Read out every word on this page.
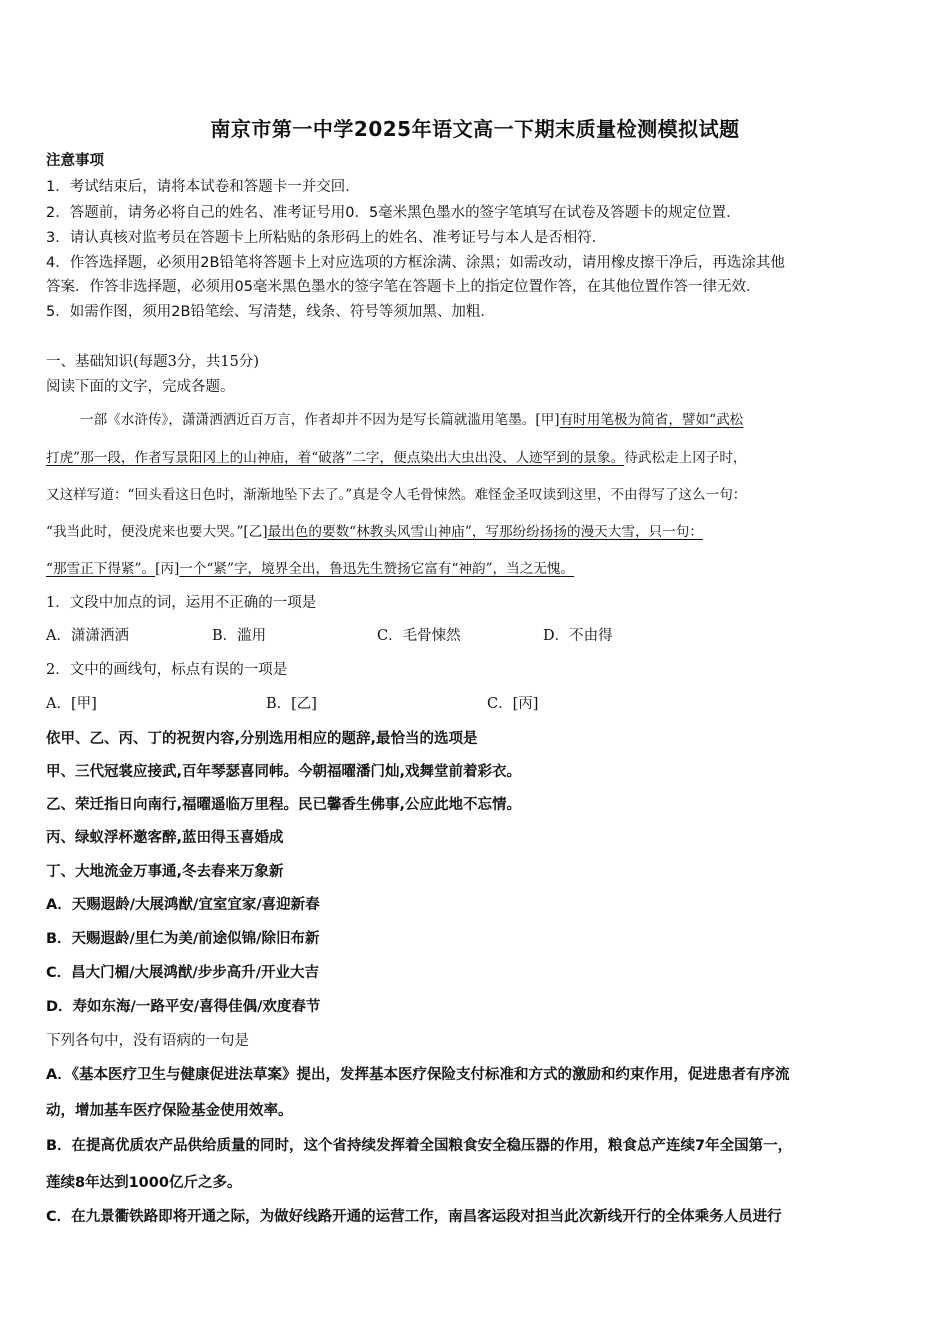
南京市第一中学2025年语文高一下期末质量检测模拟试题
注意事项
1．考试结束后，请将本试卷和答题卡一并交回．
2．答题前，请务必将自己的姓名、准考证号用0．5毫米黑色墨水的签字笔填写在试卷及答题卡的规定位置．
3．请认真核对监考员在答题卡上所粘贴的条形码上的姓名、准考证号与本人是否相符．
4．作答选择题，必须用2B铅笔将答题卡上对应选项的方框涂满、涂黑；如需改动，请用橡皮擦干净后，再选涂其他
答案．作答非选择题，必须用05毫米黑色墨水的签字笔在答题卡上的指定位置作答，在其他位置作答一律无效．
5．如需作图，须用2B铅笔绘、写清楚，线条、符号等须加黑、加粗．
一、基础知识(每题3分，共15分)
阅读下面的文字，完成各题。
一部《水浒传》，潇潇洒洒近百万言，作者却并不因为是写长篇就滥用笔墨。[甲]有时用笔极为简省，譬如“武松
打虎”那一段，作者写景阳冈上的山神庙，着“破落”二字，便点染出大虫出没、人迹罕到的景象。待武松走上冈子时，
又这样写道：“回头看这日色时，渐渐地坠下去了。”真是令人毛骨悚然。难怪金圣叹读到这里，不由得写了这么一句：
“我当此时，便没虎来也要大哭。”[乙]最出色的要数“林教头风雪山神庙”，写那纷纷扬扬的漫天大雪，只一句：
“那雪正下得紧”。[丙]一个“紧”字，境界全出，鲁迅先生赞扬它富有“神韵”，当之无愧。
1．文段中加点的词，运用不正确的一项是
A．潇潇洒洒	B．滥用	C．毛骨悚然	D．不由得
2．文中的画线句，标点有误的一项是
A．[甲]	B．[乙]	C．[丙]
依甲、乙、丙、丁的祝贺内容,分别选用相应的题辞,最恰当的选项是
甲、三代冠裳应接武,百年琴瑟喜同帏。今朝福曜潘门灿,戏舞堂前着彩衣。
乙、荣迁指日向南行,福曜遥临万里程。民已馨香生佛事,公应此地不忘情。
丙、绿蚁浮杯邀客醉,蓝田得玉喜婚成
丁、大地流金万事通,冬去春来万象新
A．天赐遐龄/大展鸿猷/宜室宜家/喜迎新春
B．天赐遐龄/里仁为美/前途似锦/除旧布新
C．昌大门楣/大展鸿猷/步步高升/开业大吉
D．寿如东海/一路平安/喜得佳偶/欢度春节
下列各句中，没有语病的一句是
A．《基本医疗卫生与健康促进法草案》提出，发挥基本医疗保险支付标准和方式的激励和约束作用，促进患者有序流
动，增加基车医疗保险基金使用效率。
B．在提高优质农产品供给质量的同时，这个省持续发挥着全国粮食安全稳压器的作用，粮食总产连续7年全国第一，
莲续8年达到1000亿斤之多。
C．在九景衢铁路即将开通之际，为做好线路开通的运营工作，南昌客运段对担当此次新线开行的全体乘务人员进行
